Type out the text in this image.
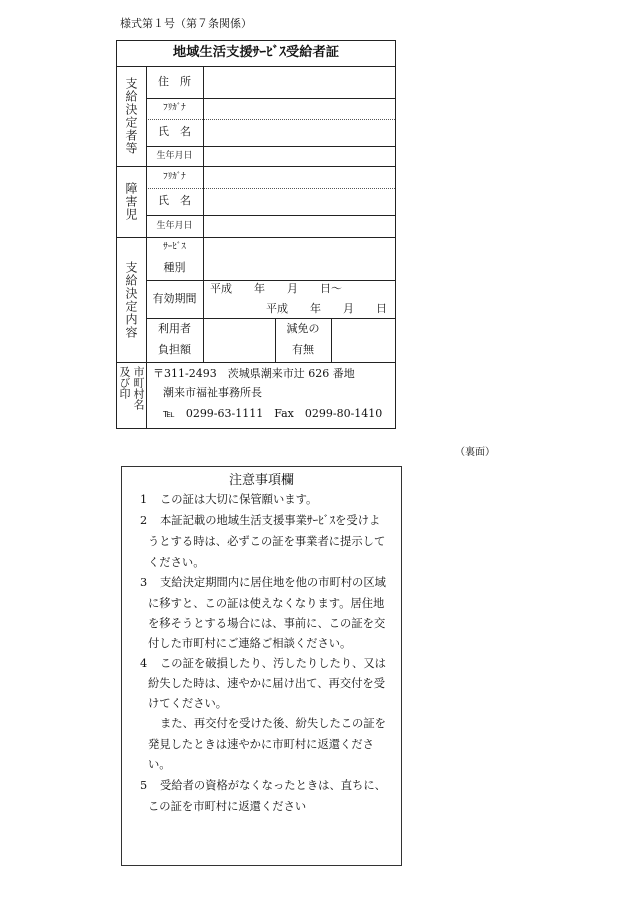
様式第１号（第７条関係）
地域生活支援ｻｰﾋﾞｽ受給者証
支給決定者等	住　所
ﾌﾘｶﾞﾅ
氏　名
生年月日
障害児
ﾌﾘｶﾞﾅ
氏　名
生年月日
支給決定内容
ｻｰﾋﾞｽ
種別
有効期間
平成　　年　　月　　日～
平成　　年　　月　　日
利用者
負担額
減免の
有無
市町村名及び印	〒311-2493　茨城県潮来市辻 626 番地
潮来市福祉事務所長
℡　0299-63-1111　Fax　0299-80-1410
（裏面）
注意事項欄
1 この証は大切に保管願います。
2 本証記載の地域生活支援事業ｻｰﾋﾞｽを受けよ
うとする時は、必ずこの証を事業者に提示して
ください。
3 支給決定期間内に居住地を他の市町村の区域
に移すと、この証は使えなくなります。居住地
を移そうとする場合には、事前に、この証を交
付した市町村にご連絡ご相談ください。
4 この証を破損したり、汚したりしたり、又は
紛失した時は、速やかに届け出て、再交付を受
けてください。
また、再交付を受けた後、紛失したこの証を
発見したときは速やかに市町村に返還くださ
い。
5 受給者の資格がなくなったときは、直ちに、
この証を市町村に返還ください
